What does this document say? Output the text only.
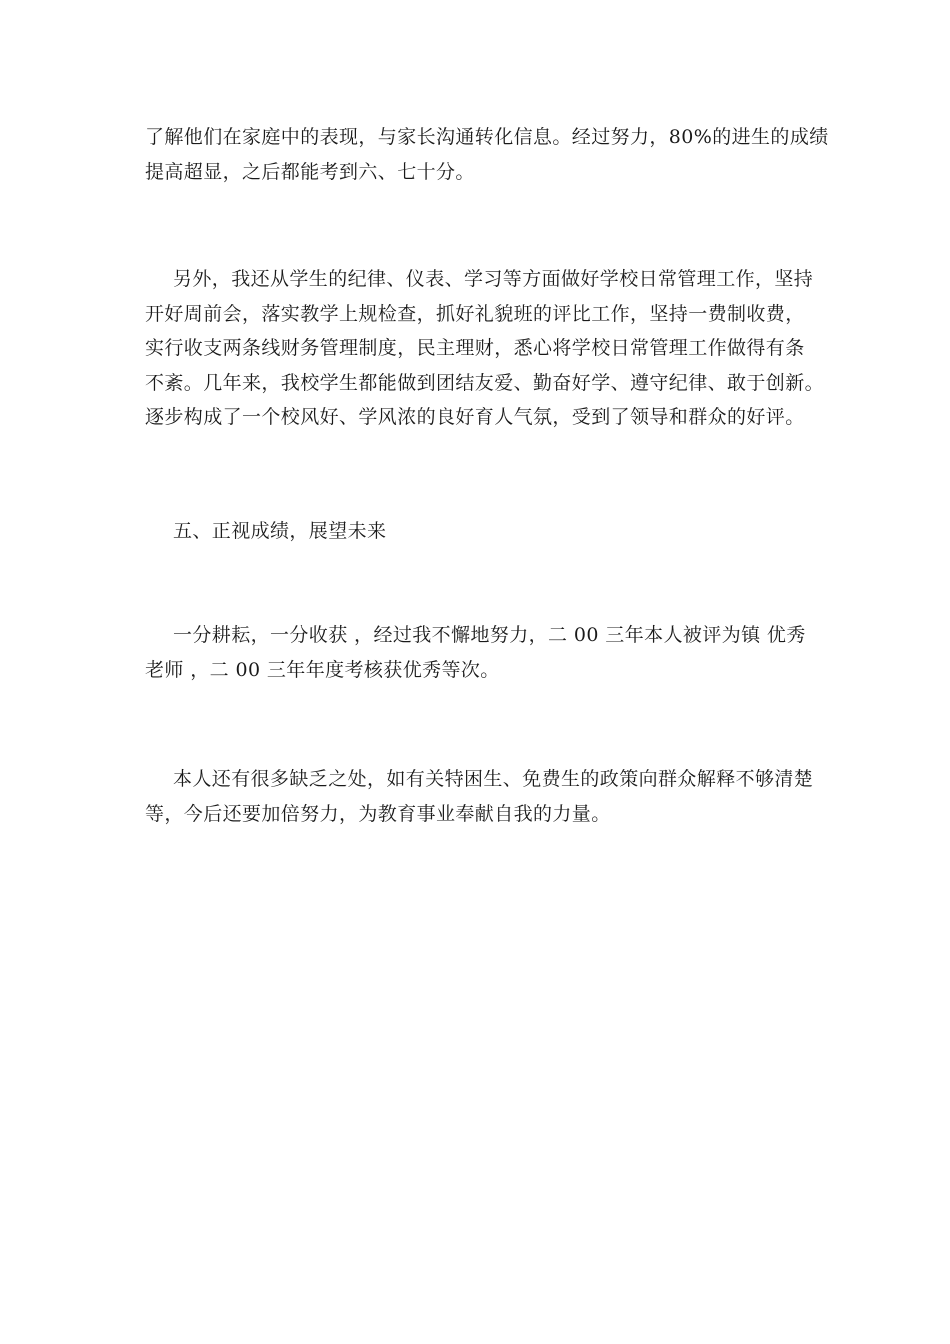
了解他们在家庭中的表现，与家长沟通转化信息。经过努力，80%的进生的成绩
提高超显，之后都能考到六、七十分。

另外，我还从学生的纪律、仪表、学习等方面做好学校日常管理工作，坚持
开好周前会，落实教学上规检查，抓好礼貌班的评比工作，坚持一费制收费，
实行收支两条线财务管理制度，民主理财，悉心将学校日常管理工作做得有条
不紊。几年来，我校学生都能做到团结友爱、勤奋好学、遵守纪律、敢于创新。
逐步构成了一个校风好、学风浓的良好育人气氛，受到了领导和群众的好评。

五、正视成绩，展望未来

一分耕耘，一分收获 ，经过我不懈地努力，二 00 三年本人被评为镇 优秀
老师 ，二 00 三年年度考核获优秀等次。

本人还有很多缺乏之处，如有关特困生、免费生的政策向群众解释不够清楚
等，今后还要加倍努力，为教育事业奉献自我的力量。
